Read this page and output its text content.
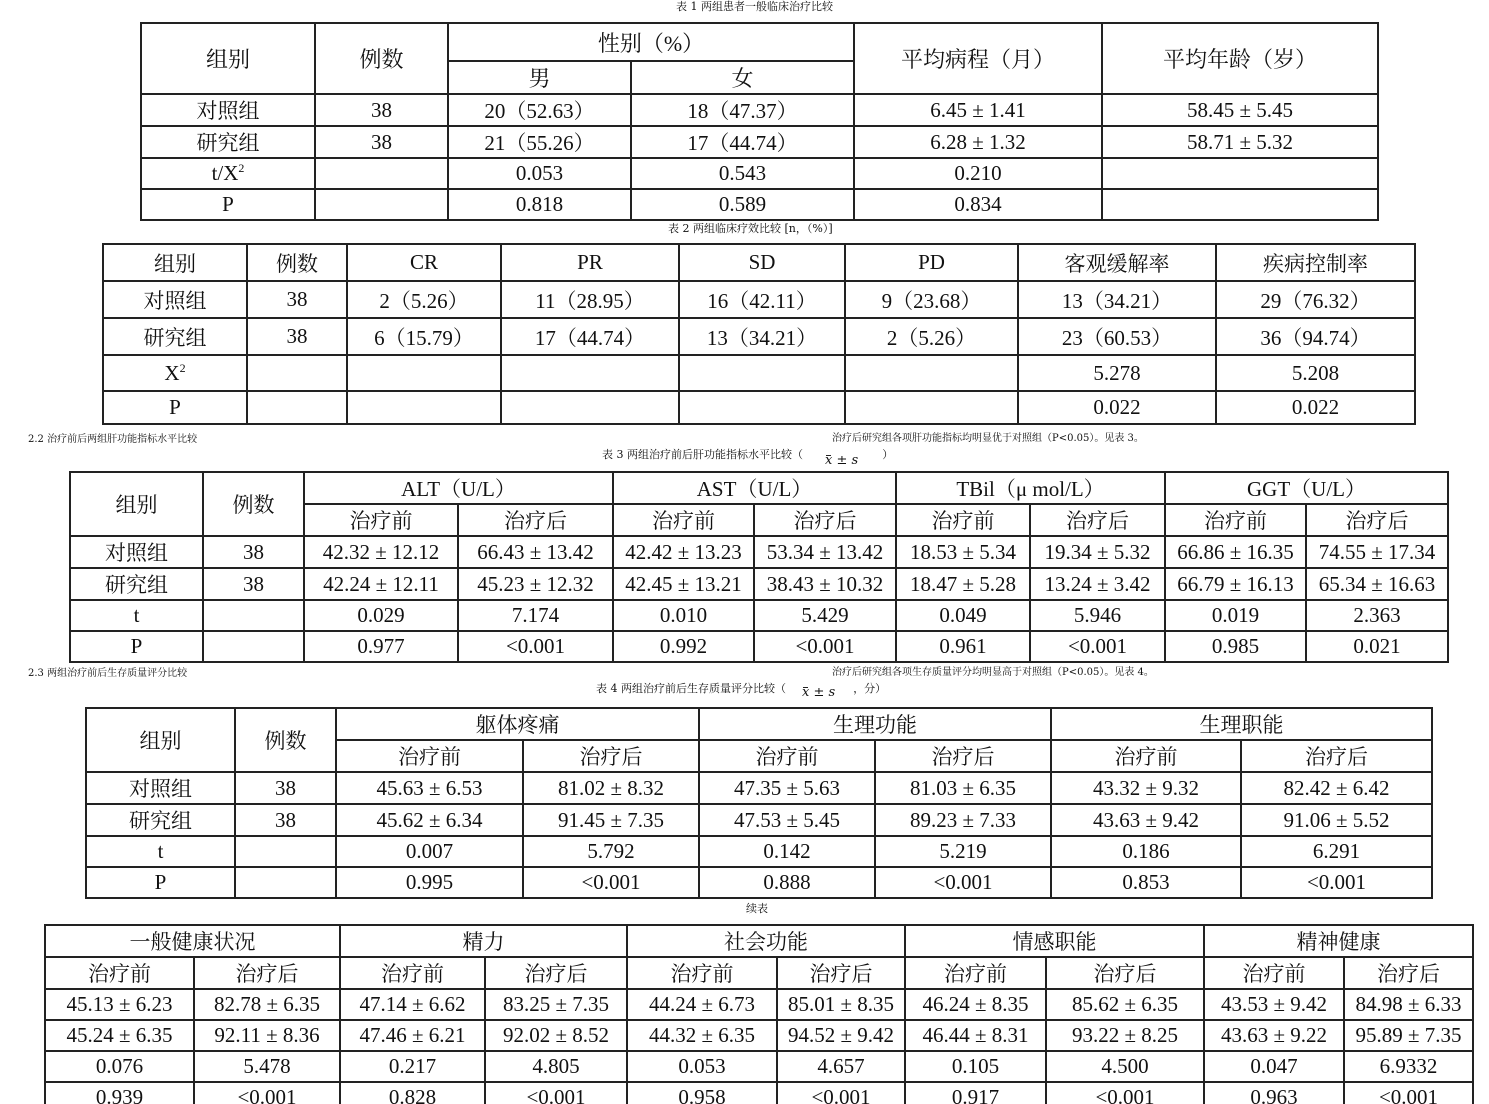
表 1 两组患者一般临床治疗比较
组别	例数	性别（%）		平均病程（月）	平均年龄（岁）
		男	女		
对照组	38	20（52.63）	18（47.37）	6.45 ± 1.41	58.45 ± 5.45
研究组	38	21（55.26）	17（44.74）	6.28 ± 1.32	58.71 ± 5.32
$t/X^2$		0.053	0.543	0.210	
P		0.818	0.589	0.834	
表 2 两组临床疗效比较 [n，（%）]
组别	例数	CR	PR	SD	PD	客观缓解率	疾病控制率
对照组	38	2（5.26）	11（28.95）	16（42.11）	9（23.68）	13（34.21）	29（76.32）
研究组	38	6（15.79）	17（44.74）	13（34.21）	2（5.26）	23（60.53）	36（94.74）
$X^2$						5.278	5.208
P						0.022	0.022
2.2 治疗前后两组肝功能指标水平比较	治疗后研究组各项肝功能指标均明显优于对照组（P<0.05）。见表 3。
表 3 两组治疗前后肝功能指标水平比较（ x ± s ）
组别	例数	ALT（U/L）		AST（U/L）		TBil（μ mol/L）		GGT（U/L）	
		治疗前	治疗后	治疗前	治疗后	治疗前	治疗后	治疗前	治疗后
对照组	38	42.32 ± 12.12	66.43 ± 13.42	42.42 ± 13.23	53.34 ± 13.42	18.53 ± 5.34	19.34 ± 5.32	66.86 ± 16.35	74.55 ± 17.34
研究组	38	42.24 ± 12.11	45.23 ± 12.32	42.45 ± 13.21	38.43 ± 10.32	18.47 ± 5.28	13.24 ± 3.42	66.79 ± 16.13	65.34 ± 16.63
t		0.029	7.174	0.010	5.429	0.049	5.946	0.019	2.363
P		0.977	<0.001	0.992	<0.001	0.961	<0.001	0.985	0.021
2.3 两组治疗前后生存质量评分比较	治疗后研究组各项生存质量评分均明显高于对照组（P<0.05）。见表 4。
表 4 两组治疗前后生存质量评分比较（ x ± s ，分）
组别	例数	躯体疼痛		生理功能		生理职能	
		治疗前	治疗后	治疗前	治疗后	治疗前	治疗后
对照组	38	45.63 ± 6.53	81.02 ± 8.32	47.35 ± 5.63	81.03 ± 6.35	43.32 ± 9.32	82.42 ± 6.42
研究组	38	45.62 ± 6.34	91.45 ± 7.35	47.53 ± 5.45	89.23 ± 7.33	43.63 ± 9.42	91.06 ± 5.52
t		0.007	5.792	0.142	5.219	0.186	6.291
P		0.995	<0.001	0.888	<0.001	0.853	<0.001
续表
一般健康状况		精力		社会功能		情感职能		精神健康	
治疗前	治疗后	治疗前	治疗后	治疗前	治疗后	治疗前	治疗后	治疗前	治疗后
45.13 ± 6.23	82.78 ± 6.35	47.14 ± 6.62	83.25 ± 7.35	44.24 ± 6.73	85.01 ± 8.35	46.24 ± 8.35	85.62 ± 6.35	43.53 ± 9.42	84.98 ± 6.33
45.24 ± 6.35	92.11 ± 8.36	47.46 ± 6.21	92.02 ± 8.52	44.32 ± 6.35	94.52 ± 9.42	46.44 ± 8.31	93.22 ± 8.25	43.63 ± 9.22	95.89 ± 7.35
0.076	5.478	0.217	4.805	0.053	4.657	0.105	4.500	0.047	6.9332
0.939	<0.001	0.828	<0.001	0.958	<0.001	0.917	<0.001	0.963	<0.001
